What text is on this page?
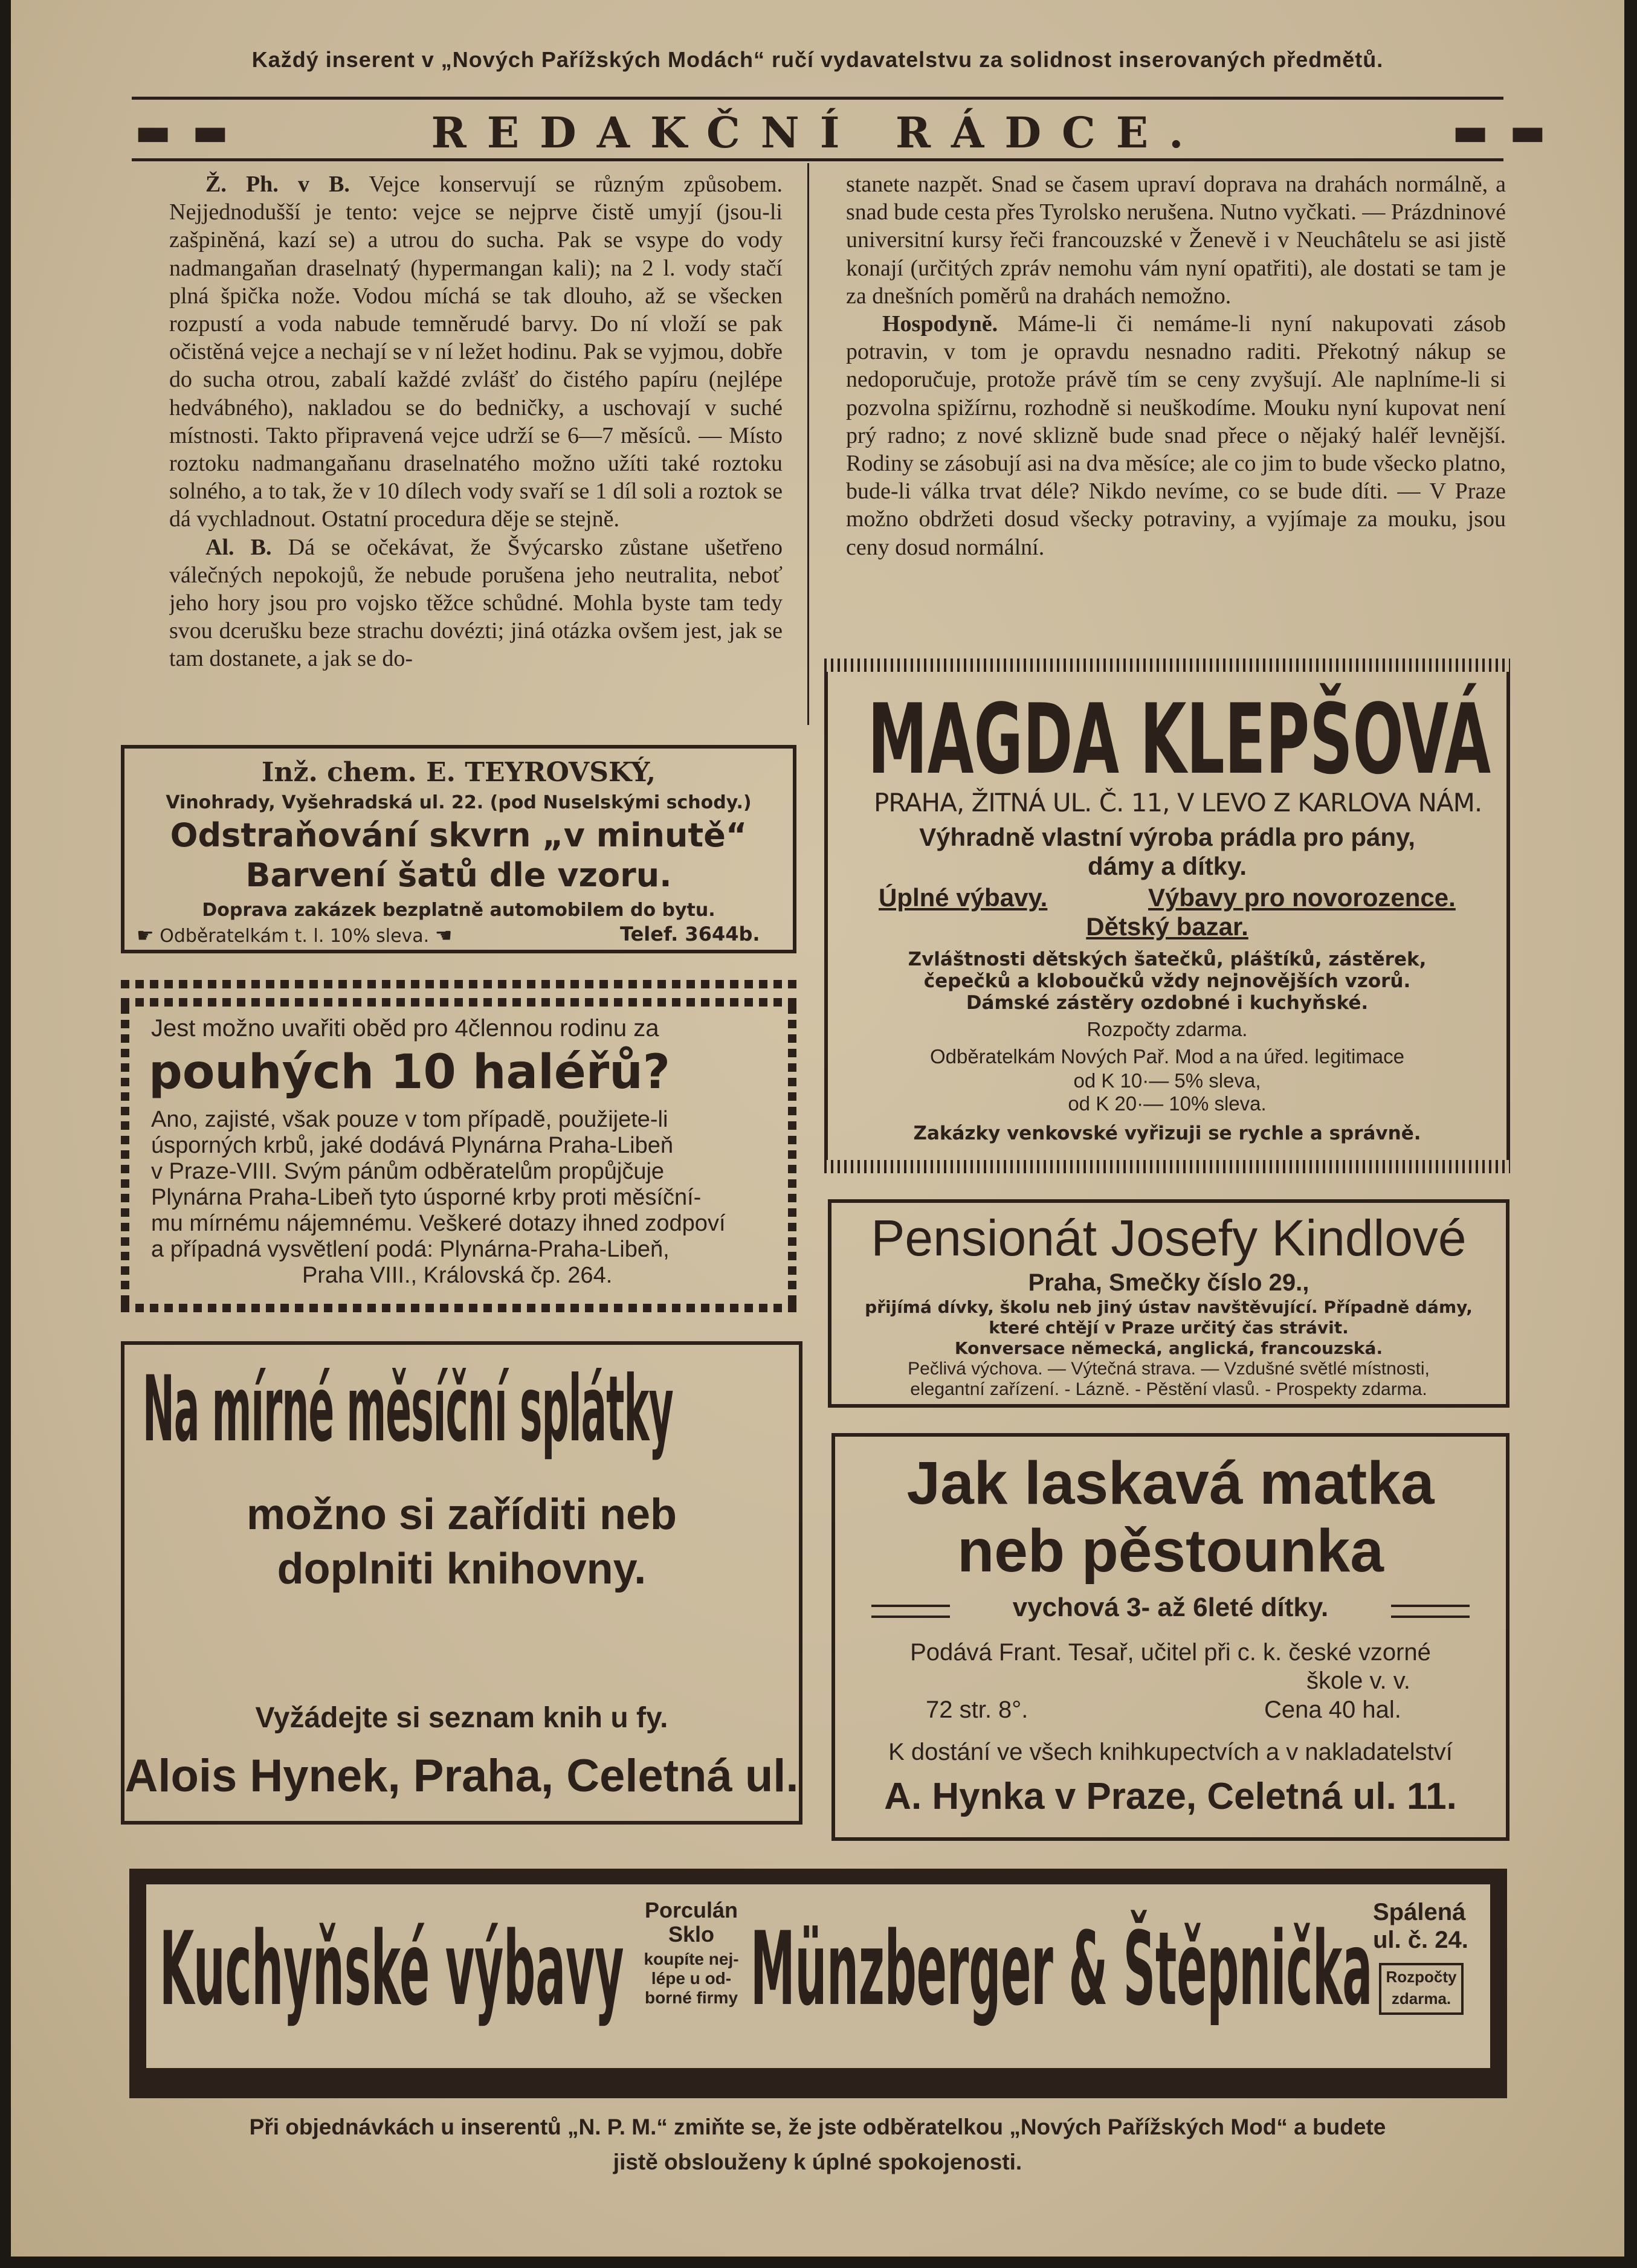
Každý inserent v „Nových Pařížských Modách“ ručí vydavatelstvu za solidnost inserovaných předmětů.
▬ ▬	▬ ▬
REDAKČNÍ RÁDCE.

Ž. Ph. v B. Vejce konservují se různým způsobem. Nejjednodušší je tento: vejce se nejprve čistě umyjí (jsou-li zašpiněná, kazí se) a utrou do sucha. Pak se vsype do vody nadmangaňan draselnatý (hypermangan kali); na 2 l. vody stačí plná špička nože. Vodou míchá se tak dlouho, až se všecken rozpustí a voda nabude temněrudé barvy. Do ní vloží se pak očistěná vejce a nechají se v ní ležet hodinu. Pak se vyjmou, dobře do sucha otrou, zabalí každé zvlášť do čistého papíru (nejlépe hedvábného), nakladou se do bedničky, a uschovají v suché místnosti. Takto připravená vejce udrží se 6—7 měsíců. — Místo roztoku nadmangaňanu draselnatého možno užíti také roztoku solného, a to tak, že v 10 dílech vody svaří se 1 díl soli a roztok se dá vychladnout. Ostatní procedura děje se stejně.

Al. B. Dá se očekávat, že Švýcarsko zůstane ušetřeno válečných nepokojů, že nebude porušena jeho neutralita, neboť jeho hory jsou pro vojsko těžce schůdné. Mohla byste tam tedy svou dcerušku beze strachu dovézti; jiná otázka ovšem jest, jak se tam dostanete, a jak se do-

stanete nazpět. Snad se časem upraví doprava na drahách normálně, a snad bude cesta přes Tyrolsko nerušena. Nutno vyčkati. — Prázdninové universitní kursy řeči francouzské v Ženevě i v Neuchâtelu se asi jistě konají (určitých zpráv nemohu vám nyní opatřiti), ale dostati se tam je za dnešních poměrů na drahách nemožno.

Hospodyně. Máme-li či nemáme-li nyní nakupovati zásob potravin, v tom je opravdu nesnadno raditi. Překotný nákup se nedoporučuje, protože právě tím se ceny zvyšují. Ale naplníme-li si pozvolna spižírnu, rozhodně si neuškodíme. Mouku nyní kupovat není prý radno; z nové sklizně bude snad přece o nějaký haléř levnější. Rodiny se zásobují asi na dva měsíce; ale co jim to bude všecko platno, bude-li válka trvat déle? Nikdo nevíme, co se bude díti. — V Praze možno obdržeti dosud všecky potraviny, a vyjímaje za mouku, jsou ceny dosud normální.

Inž. chem. E. TEYROVSKÝ,
Vinohrady, Vyšehradská ul. 22. (pod Nuselskými schody.)
Odstraňování skvrn „v minutě“
Barvení šatů dle vzoru.
Doprava zakázek bezplatně automobilem do bytu.
☛ Odběratelkám t. l. 10% sleva. ☚	Telef. 3644b.
Jest možno uvařiti oběd pro 4člennou rodinu za
pouhých 10 haléřů?
Ano, zajisté, však pouze v tom případě, použijete-li
úsporných krbů, jaké dodává Plynárna Praha-Libeň
v Praze-VIII. Svým pánům odběratelům propůjčuje
Plynárna Praha-Libeň tyto úsporné krby proti měsíční-
mu mírnému nájemnému. Veškeré dotazy ihned zodpoví
a případná vysvětlení podá: Plynárna-Praha-Libeň,
Praha VIII., Královská čp. 264.
Na mírné měsíční splátky
možno si zaříditi neb
doplniti knihovny.
Vyžádejte si seznam knih u fy.
Alois Hynek, Praha, Celetná ul.
MAGDA KLEPŠOVÁ
PRAHA, ŽITNÁ UL. Č. 11, V LEVO Z KARLOVA NÁM.
Výhradně vlastní výroba prádla pro pány,
dámy a dítky.
Úplné výbavy.	Výbavy pro novorozence.
Dětský bazar.
Zvláštnosti dětských šatečků, pláštíků, zástěrek,
čepečků a kloboučků vždy nejnovějších vzorů.
Dámské zástěry ozdobné i kuchyňské.
Rozpočty zdarma.
Odběratelkám Nových Pař. Mod a na úřed. legitimace
od K 10·— 5% sleva,
od K 20·— 10% sleva.
Zakázky venkovské vyřizuji se rychle a správně.
Pensionát Josefy Kindlové
Praha, Smečky číslo 29.,
přijímá dívky, školu neb jiný ústav navštěvující. Případně dámy,
které chtějí v Praze určitý čas strávit.
Konversace německá, anglická, francouzská.
Pečlivá výchova. — Výtečná strava. — Vzdušné světlé místnosti,
elegantní zařízení. - Lázně. - Pěstění vlasů. - Prospekty zdarma.
Jak laskavá matka
neb pěstounka
vychová 3- až 6leté dítky.
Podává Frant. Tesař, učitel při c. k. české vzorné
škole v. v.
72 str. 8°.	Cena 40 hal.
K dostání ve všech knihkupectvích a v nakladatelství
A. Hynka v Praze, Celetná ul. 11.
Kuchyňské výbavy Porculán
Sklo
koupíte nej-
lépe u od-
borné firmy Münzberger & Štěpnička Spálená
ul. č. 24.
Rozpočty
zdarma.
Při objednávkách u inserentů „N. P. M.“ zmiňte se, že jste odběratelkou „Nových Pařížských Mod“ a budete
jistě obslouženy k úplné spokojenosti.
